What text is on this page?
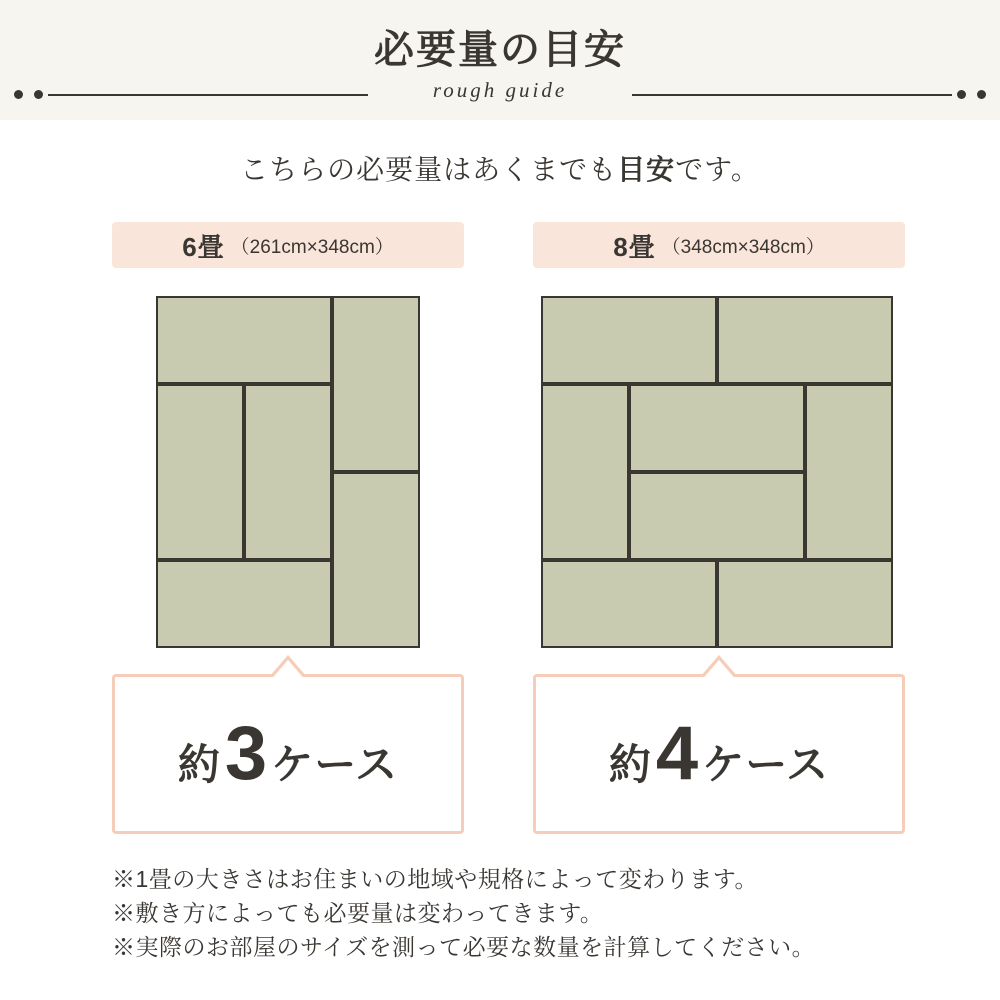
必要量の目安
rough guide
こちらの必要量はあくまでも目安です。
6畳 （261cm×348cm）
約 3 ケース
8畳 （348cm×348cm）
約 4 ケース
※1畳の大きさはお住まいの地域や規格によって変わります。
※敷き方によっても必要量は変わってきます。
※実際のお部屋のサイズを測って必要な数量を計算してください。
